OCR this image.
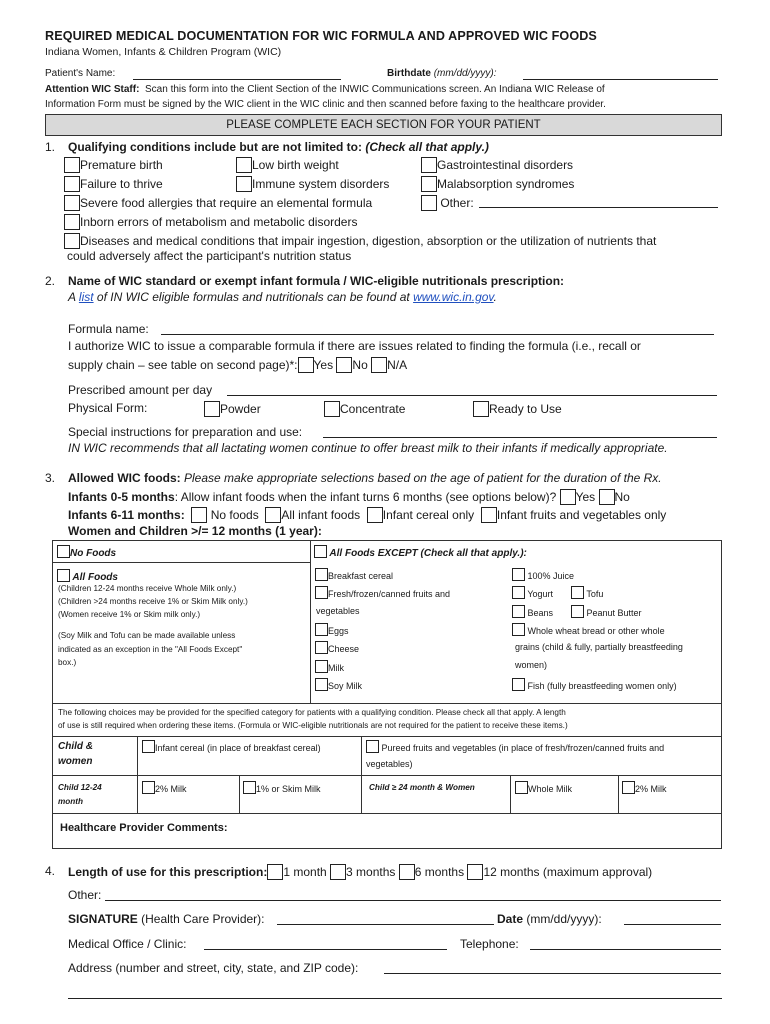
REQUIRED MEDICAL DOCUMENTATION FOR WIC FORMULA AND APPROVED WIC FOODS
Indiana Women, Infants & Children Program (WIC)
Patient's Name:	Birthdate (mm/dd/yyyy):
Attention WIC Staff: Scan this form into the Client Section of the INWIC Communications screen. An Indiana WIC Release of
Information Form must be signed by the WIC client in the WIC clinic and then scanned before faxing to the healthcare provider.
PLEASE COMPLETE EACH SECTION FOR YOUR PATIENT
1. Qualifying conditions include but are not limited to: (Check all that apply.)
Premature birth	Low birth weight	Gastrointestinal disorders
Failure to thrive	Immune system disorders	Malabsorption syndromes
Severe food allergies that require an elemental formula	Other:
Inborn errors of metabolism and metabolic disorders
Diseases and medical conditions that impair ingestion, digestion, absorption or the utilization of nutrients that
could adversely affect the participant's nutrition status
2. Name of WIC standard or exempt infant formula / WIC-eligible nutritionals prescription:
A list of IN WIC eligible formulas and nutritionals can be found at www.wic.in.gov.
Formula name:
I authorize WIC to issue a comparable formula if there are issues related to finding the formula (i.e., recall or
supply chain – see table on second page)*: Yes No N/A
Prescribed amount per day
Physical Form:	Powder	Concentrate	Ready to Use
Special instructions for preparation and use:
IN WIC recommends that all lactating women continue to offer breast milk to their infants if medically appropriate.
3. Allowed WIC foods: Please make appropriate selections based on the age of patient for the duration of the Rx.
Infants 0-5 months: Allow infant foods when the infant turns 6 months (see options below)? Yes No
Infants 6-11 months: No foods All infant foods Infant cereal only Infant fruits and vegetables only
Women and Children >/= 12 months (1 year):
No Foods	All Foods EXCEPT (Check all that apply.):
All Foods
(Children 12-24 months receive Whole Milk only.)
(Children >24 months receive 1% or Skim Milk only.)
(Women receive 1% or Skim milk only.)
(Soy Milk and Tofu can be made available unless
indicated as an exception in the "All Foods Except"
box.)
Breakfast cereal
Fresh/frozen/canned fruits and
vegetables
Eggs
Cheese
Milk
Soy Milk
100% Juice
Yogurt	Tofu
Beans	Peanut Butter
Whole wheat bread or other whole
grains (child & fully, partially breastfeeding
women)
Fish (fully breastfeeding women only)
The following choices may be provided for the specified category for patients with a qualifying condition. Please check all that apply. A length
of use is still required when ordering these items. (Formula or WIC-eligible nutritionals are not required for the patient to receive these items.)
Child &
women
Infant cereal (in place of breakfast cereal)	Pureed fruits and vegetables (in place of fresh/frozen/canned fruits and
vegetables)
Child 12-24
month
2% Milk	1% or Skim Milk	Child ≥ 24 month & Women	Whole Milk	2% Milk
Healthcare Provider Comments:
4. Length of use for this prescription: 1 month 3 months 6 months 12 months (maximum approval)
Other:
SIGNATURE (Health Care Provider):	Date (mm/dd/yyyy):
Medical Office / Clinic:	Telephone:
Address (number and street, city, state, and ZIP code):
